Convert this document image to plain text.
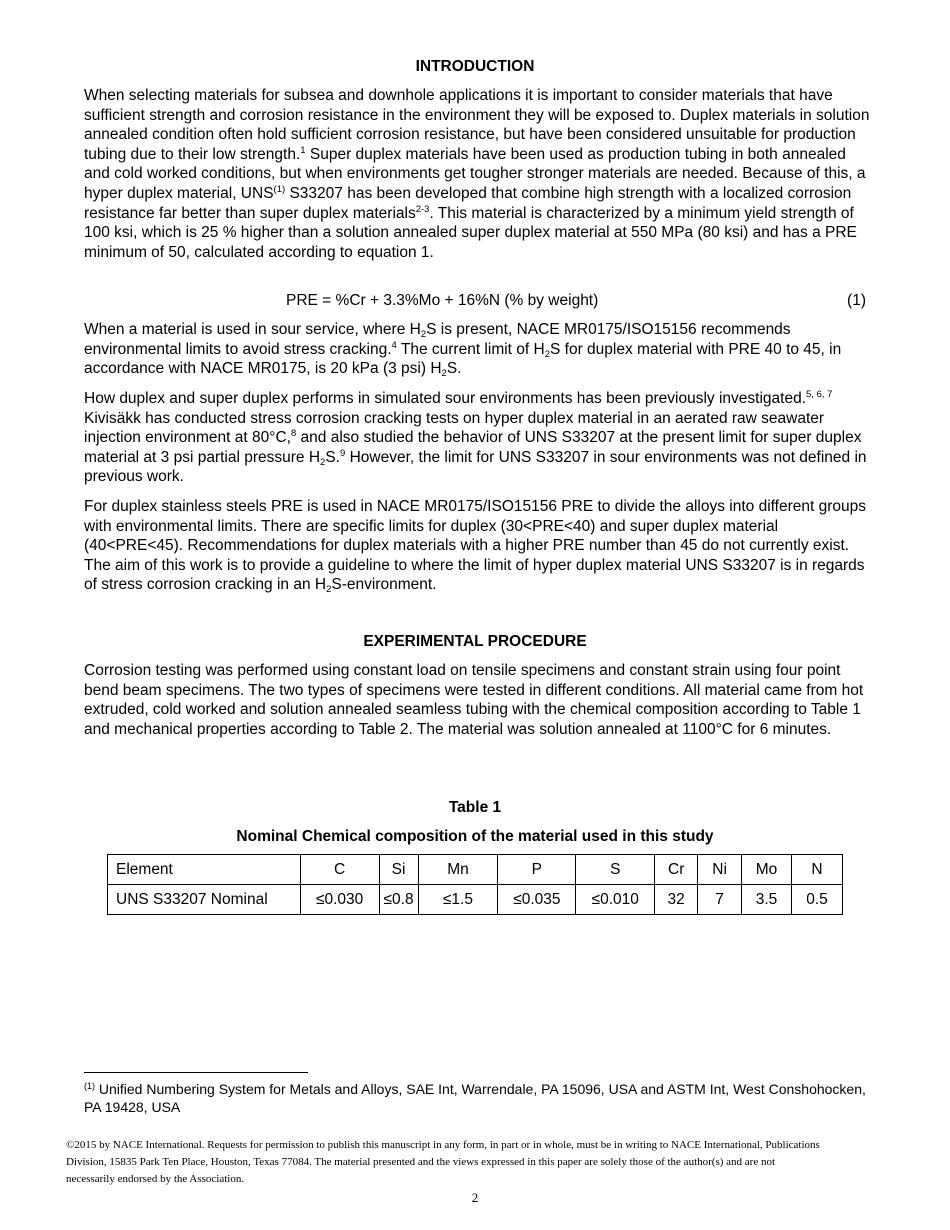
INTRODUCTION

When selecting materials for subsea and downhole applications it is important to consider materials that have sufficient strength and corrosion resistance in the environment they will be exposed to. Duplex materials in solution annealed condition often hold sufficient corrosion resistance, but have been considered unsuitable for production tubing due to their low strength.$^1$ Super duplex materials have been used as production tubing in both annealed and cold worked conditions, but when environments get tougher stronger materials are needed. Because of this, a hyper duplex material, UNS$^{(1)}$ S33207 has been developed that combine high strength with a localized corrosion resistance far better than super duplex materials$^{2-3}$. This material is characterized by a minimum yield strength of 100 ksi, which is 25 % higher than a solution annealed super duplex material at 550 MPa (80 ksi) and has a PRE minimum of 50, calculated according to equation 1.

PRE = %Cr + 3.3%Mo + 16%N (% by weight)	(1)

When a material is used in sour service, where $H_2S$ is present, NACE MR0175/ISO15156 recommends environmental limits to avoid stress cracking.$^4$ The current limit of $H_2S$ for duplex material with PRE 40 to 45, in accordance with NACE MR0175, is 20 kPa (3 psi) $H_2S$.

How duplex and super duplex performs in simulated sour environments has been previously investigated.$^{5, 6, 7}$ Kivisäkk has conducted stress corrosion cracking tests on hyper duplex material in an aerated raw seawater injection environment at 80°C,$^8$ and also studied the behavior of UNS S33207 at the present limit for super duplex material at 3 psi partial pressure $H_2S.^9$ However, the limit for UNS S33207 in sour environments was not defined in previous work.

For duplex stainless steels PRE is used in NACE MR0175/ISO15156 PRE to divide the alloys into different groups with environmental limits. There are specific limits for duplex (30<PRE<40) and super duplex material (40<PRE<45). Recommendations for duplex materials with a higher PRE number than 45 do not currently exist. The aim of this work is to provide a guideline to where the limit of hyper duplex material UNS S33207 is in regards of stress corrosion cracking in an $H_2S$-environment.

EXPERIMENTAL PROCEDURE

Corrosion testing was performed using constant load on tensile specimens and constant strain using four point bend beam specimens. The two types of specimens were tested in different conditions. All material came from hot extruded, cold worked and solution annealed seamless tubing with the chemical composition according to Table 1 and mechanical properties according to Table 2. The material was solution annealed at 1100°C for 6 minutes.

Table 1
Nominal Chemical composition of the material used in this study
Element	C	Si	Mn	P	S	Cr	Ni	Mo	N
UNS S33207 Nominal	≤0.030	≤0.8	≤1.5	≤0.035	≤0.010	32	7	3.5	0.5
$^{(1)}$ Unified Numbering System for Metals and Alloys, SAE Int, Warrendale, PA 15096, USA and ASTM Int, West Conshohocken, PA 19428, USA
©2015 by NACE International. Requests for permission to publish this manuscript in any form, in part or in whole, must be in writing to NACE International, Publications Division, 15835 Park Ten Place, Houston, Texas 77084. The material presented and the views expressed in this paper are solely those of the author(s) and are not necessarily endorsed by the Association.
2
